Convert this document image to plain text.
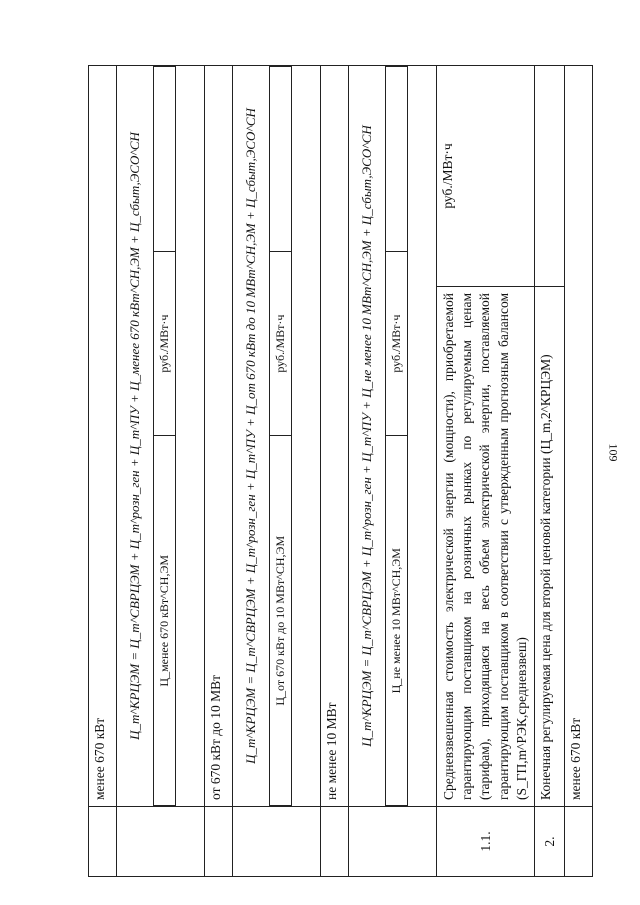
109
	менее 670 кВт

Ц_m^КРЦЭМ = Ц_m^СВРЦЭМ + Ц_m^розн_ген + Ц_m^ПУ + Ц_менее 670 кВт^СН,ЭМ + Ц_сбыт,ЭСО^СН	Ц_менее 670 кВт^СН,ЭМ	руб./МВт·ч	

	от 670 кВт до 10 МВт

Ц_m^КРЦЭМ = Ц_m^СВРЦЭМ + Ц_m^розн_ген + Ц_m^ПУ + Ц_от 670 кВт до 10 МВт^СН,ЭМ + Ц_сбыт,ЭСО^СН	Ц_от 670 кВт до 10 МВт^СН,ЭМ	руб./МВт·ч	

	не менее 10 МВт

Ц_m^КРЦЭМ = Ц_m^СВРЦЭМ + Ц_m^розн_ген + Ц_m^ПУ + Ц_не менее 10 МВт^СН,ЭМ + Ц_сбыт,ЭСО^СН	Ц_не менее 10 МВт^СН,ЭМ	руб./МВт·ч	

1.1.	Средневзвешенная стоимость электрической энергии (мощности), приобретаемой гарантирующим поставщиком на розничных рынках по регулируемым ценам (тарифам), приходящаяся на весь объем электрической энергии, поставляемой гарантирующим поставщиком в соответствии с утвержденным прогнозным балансом (S_ГП,m^РЭК,средневзвеш)	руб./МВт·ч
2.	Конечная регулируемая цена для второй ценовой категории (Ц_m,2^КРЦЭМ)	
	менее 670 кВт
